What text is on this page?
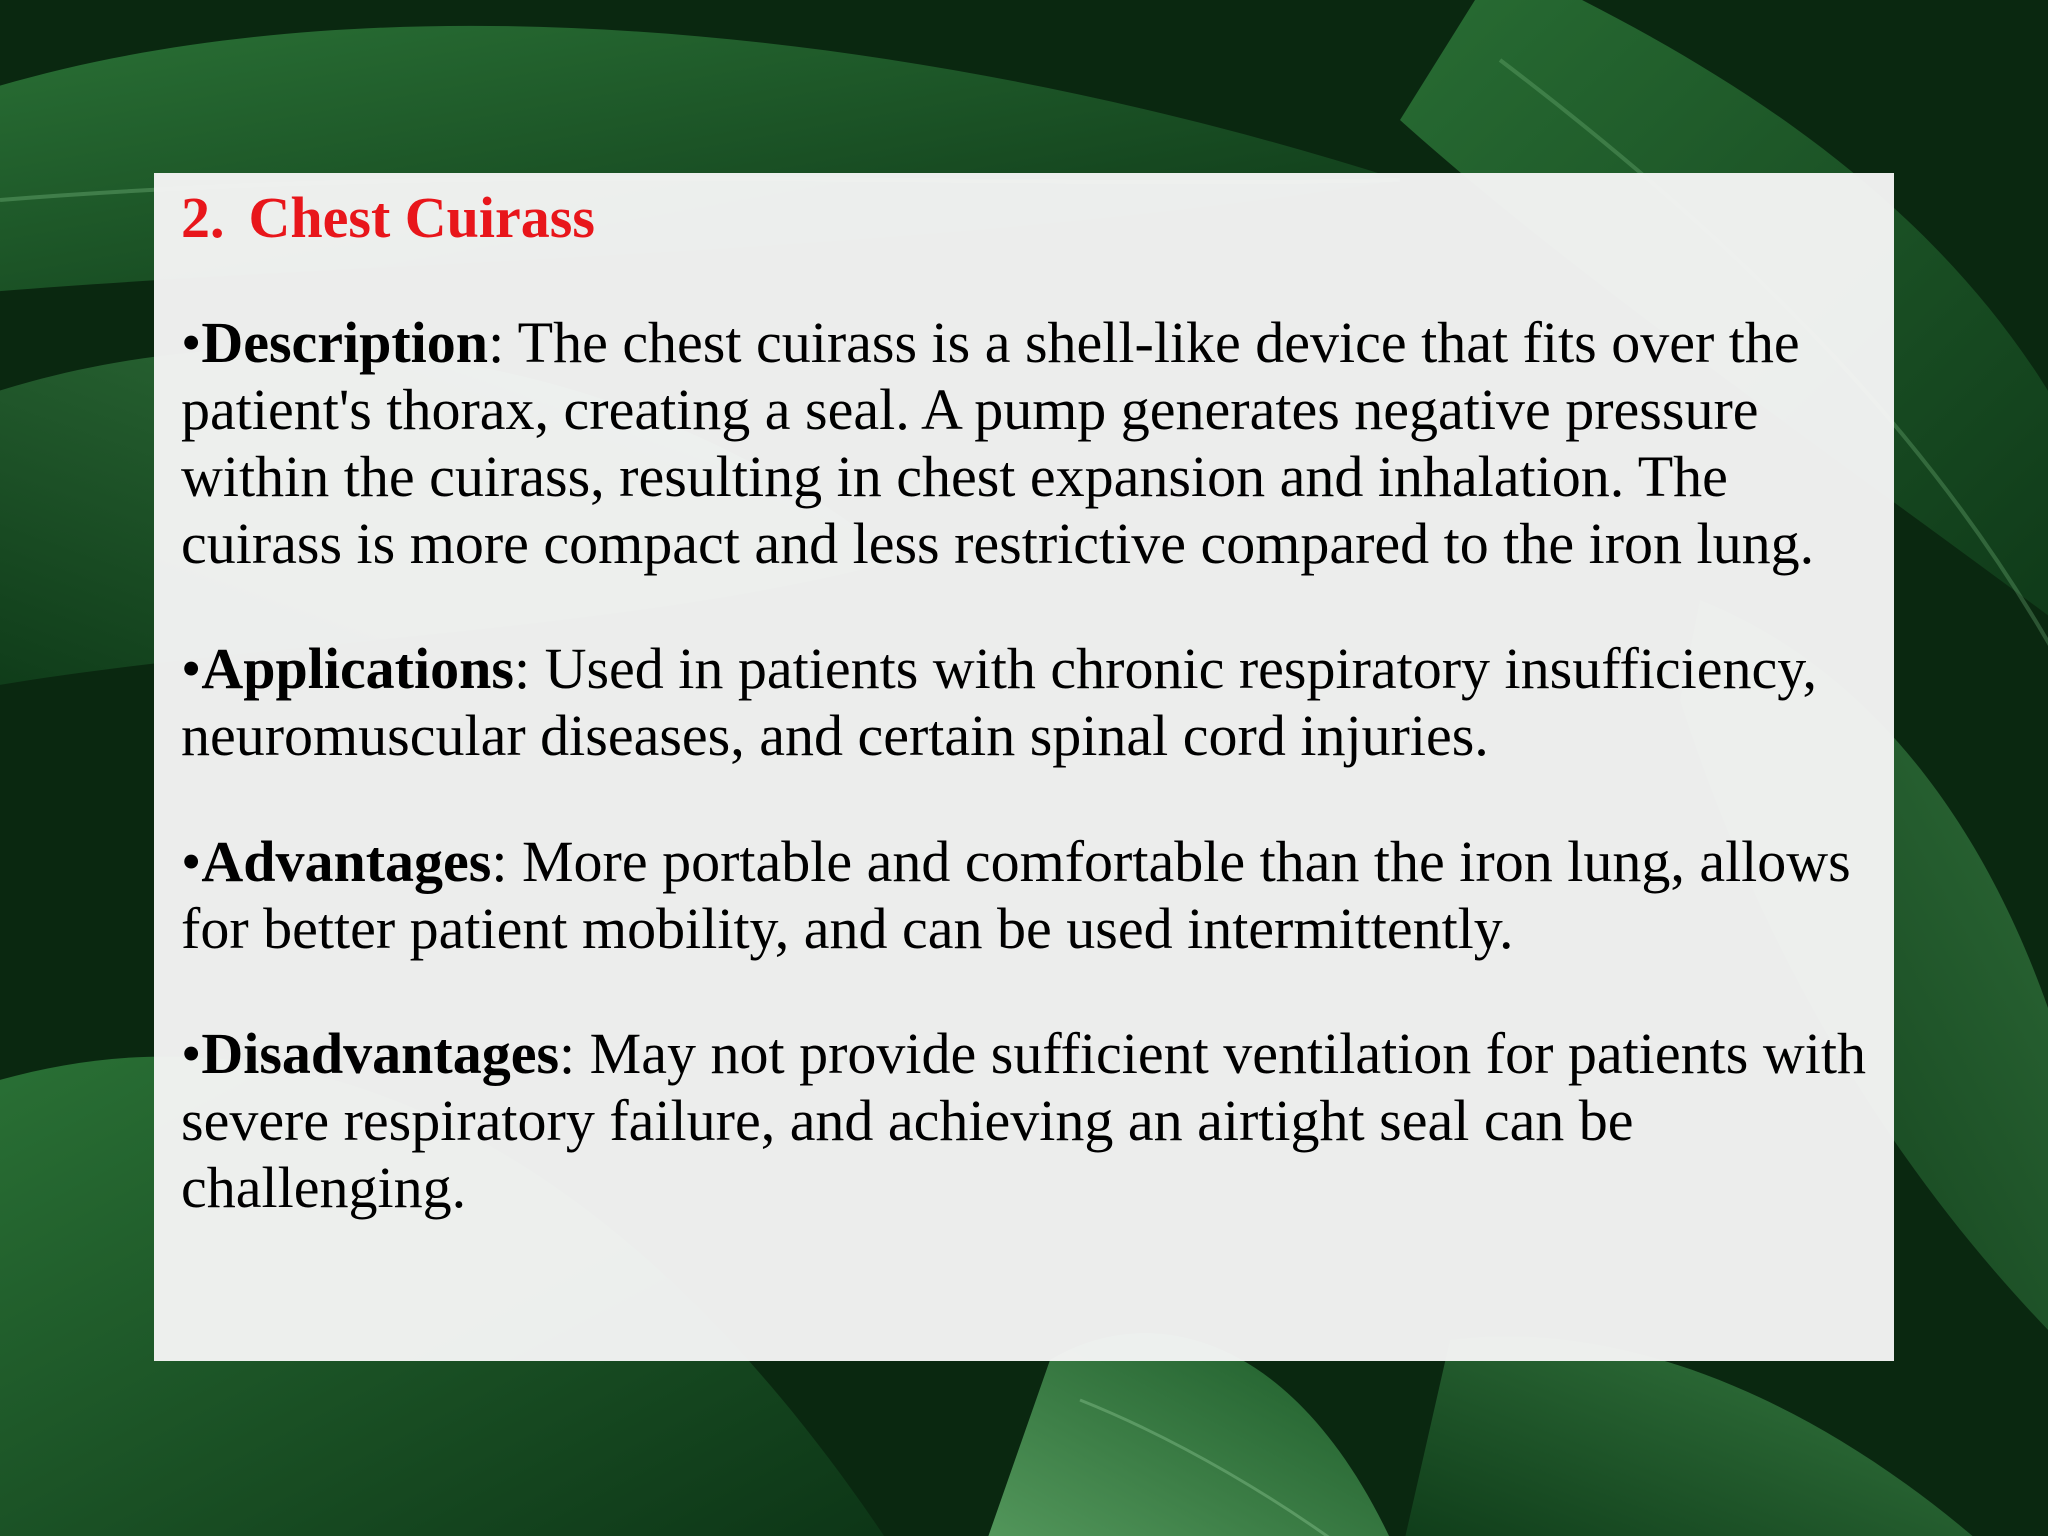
2. Chest Cuirass

•Description: The chest cuirass is a shell-like device that fits over the patient's thorax, creating a seal. A pump generates negative pressure within the cuirass, resulting in chest expansion and inhalation. The cuirass is more compact and less restrictive compared to the iron lung.

•Applications: Used in patients with chronic respiratory insufficiency, neuromuscular diseases, and certain spinal cord injuries.

•Advantages: More portable and comfortable than the iron lung, allows for better patient mobility, and can be used intermittently.

•Disadvantages: May not provide sufficient ventilation for patients with severe respiratory failure, and achieving an airtight seal can be challenging.
